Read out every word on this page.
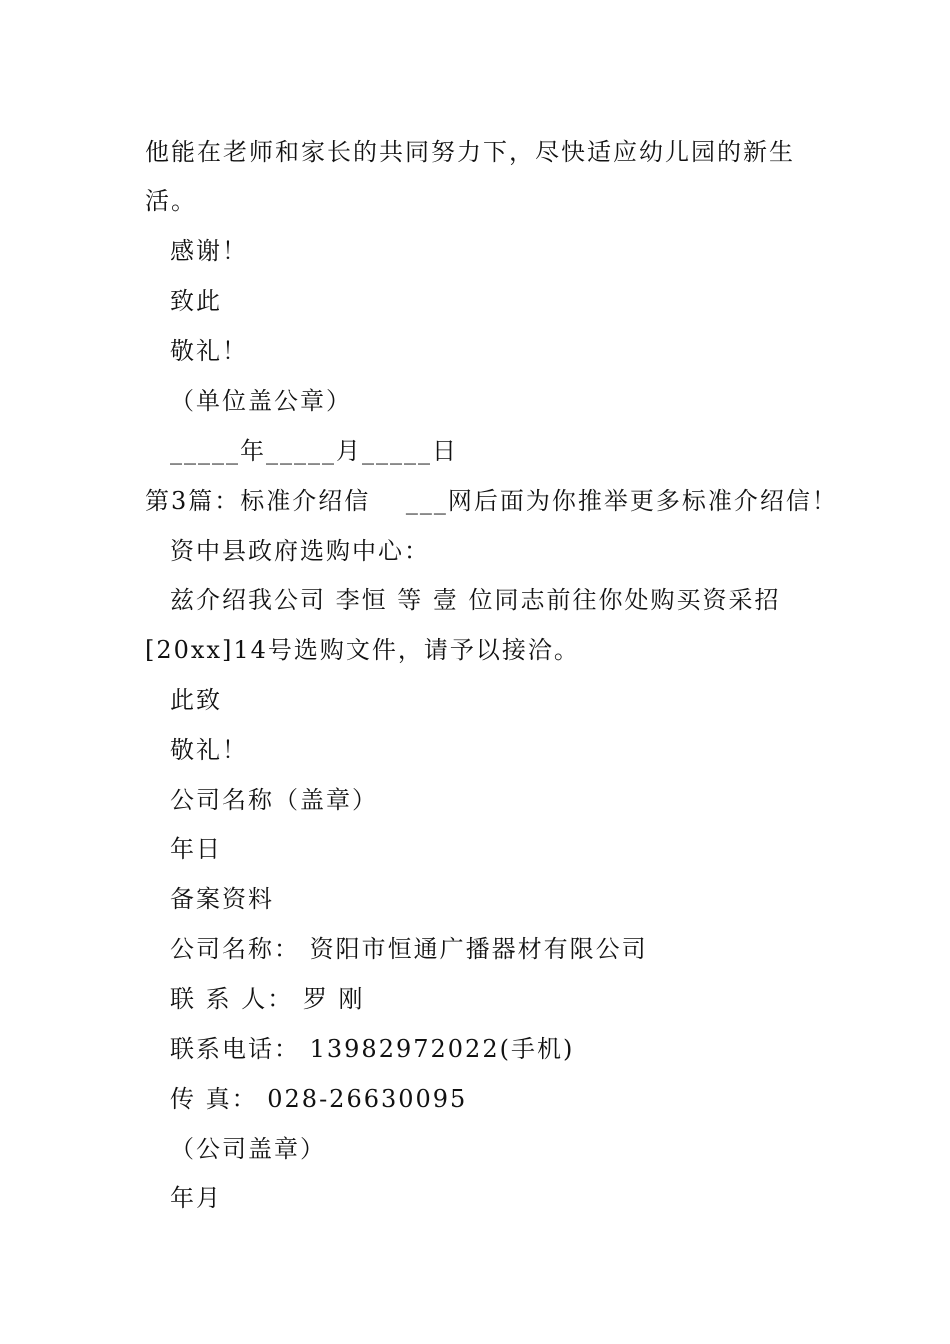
他能在老师和家长的共同努力下，尽快适应幼儿园的新生
活。
感谢！
致此
敬礼！
（单位盖公章）
_____年_____月_____日
第3篇：标准介绍信　 ___网后面为你推举更多标准介绍信！
资中县政府选购中心：
兹介绍我公司 李恒 等 壹 位同志前往你处购买资采招
[20xx]14号选购文件，请予以接洽。
此致
敬礼！
公司名称（盖章）
年日
备案资料
公司名称： 资阳市恒通广播器材有限公司
联 系 人： 罗 刚
联系电话： 13982972022(手机)
传 真： 028-26630095
（公司盖章）
年月
